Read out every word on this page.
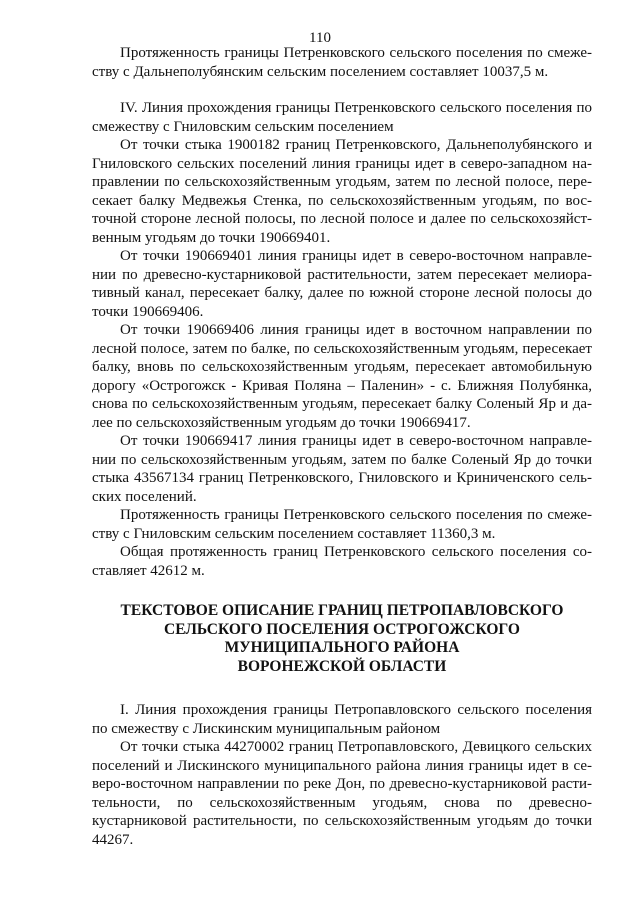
110

Протяженность границы Петренковского сельского поселения по смеже-ству с Дальнеполубянским сельским поселением составляет 10037,5 м.

IV. Линия прохождения границы Петренковского сельского поселения по смежеству с Гниловским сельским поселением

От точки стыка 1900182 границ Петренковского, Дальнеполубянского и Гниловского сельских поселений линия границы идет в северо-западном на-правлении по сельскохозяйственным угодьям, затем по лесной полосе, пере-секает балку Медвежья Стенка, по сельскохозяйственным угодьям, по вос-точной стороне лесной полосы, по лесной полосе и далее по сельскохозяйст-венным угодьям до точки 190669401.

От точки 190669401 линия границы идет в северо-восточном направле-нии по древесно-кустарниковой растительности, затем пересекает мелиора-тивный канал, пересекает балку, далее по южной стороне лесной полосы до точки 190669406.

От точки 190669406 линия границы идет в восточном направлении по лесной полосе, затем по балке, по сельскохозяйственным угодьям, пересекает балку, вновь по сельскохозяйственным угодьям, пересекает автомобильную дорогу «Острогожск - Кривая Поляна – Паленин» - с. Ближняя Полубянка, снова по сельскохозяйственным угодьям, пересекает балку Соленый Яр и да-лее по сельскохозяйственным угодьям до точки 190669417.

От точки 190669417 линия границы идет в северо-восточном направле-нии по сельскохозяйственным угодьям, затем по балке Соленый Яр до точки стыка 43567134 границ Петренковского, Гниловского и Криниченского сель-ских поселений.

Протяженность границы Петренковского сельского поселения по смеже-ству с Гниловским сельским поселением составляет 11360,3 м.

Общая протяженность границ Петренковского сельского поселения со-ставляет 42612 м.

ТЕКСТОВОЕ ОПИСАНИЕ ГРАНИЦ ПЕТРОПАВЛОВСКОГО
СЕЛЬСКОГО ПОСЕЛЕНИЯ ОСТРОГОЖСКОГО
МУНИЦИПАЛЬНОГО РАЙОНА
ВОРОНЕЖСКОЙ ОБЛАСТИ

I. Линия прохождения границы Петропавловского сельского поселения по смежеству с Лискинским муниципальным районом

От точки стыка 44270002 границ Петропавловского, Девицкого сельских поселений и Лискинского муниципального района линия границы идет в се-веро-восточном направлении по реке Дон, по древесно-кустарниковой расти-тельности, по сельскохозяйственным угодьям, снова по древесно-кустарниковой растительности, по сельскохозяйственным угодьям до точки 44267.
